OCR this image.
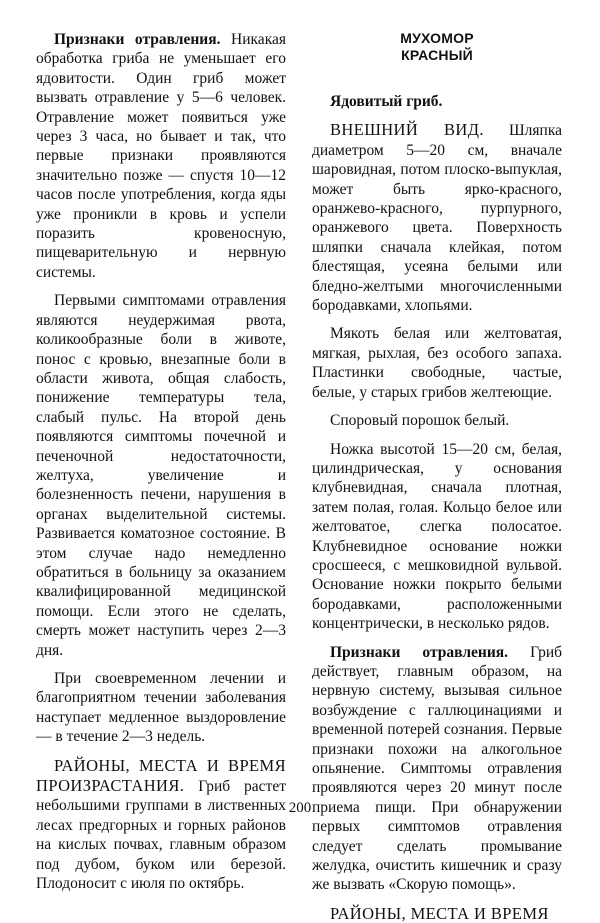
Признаки отравления. Никакая обработка гриба не уменьшает его ядовитости. Один гриб может вызвать отравление у 5—6 человек. Отравление может появиться уже через 3 часа, но бывает и так, что первые признаки проявляются значительно позже — спустя 10—12 часов после употребления, когда яды уже проникли в кровь и успели поразить кровеносную, пищеварительную и нервную системы.

Первыми симптомами отравления являются неудержимая рвота, коликообразные боли в животе, понос с кровью, внезапные боли в области живота, общая слабость, понижение температуры тела, слабый пульс. На второй день появляются симптомы почечной и печеночной недостаточности, желтуха, увеличение и болезненность печени, нарушения в органах выделительной системы. Развивается коматозное состояние. В этом случае надо немедленно обратиться в больницу за оказанием квалифицированной медицинской помощи. Если этого не сделать, смерть может наступить через 2—3 дня.

При своевременном лечении и благоприятном течении заболевания наступает медленное выздоровление — в течение 2—3 недель.

РАЙОНЫ, МЕСТА И ВРЕМЯ ПРОИЗРАСТАНИЯ. Гриб растет небольшими группами в лиственных лесах предгорных и горных районов на кислых почвах, главным образом под дубом, буком или березой. Плодоносит с июля по октябрь.

МУХОМОР
КРАСНЫЙ

Ядовитый гриб.

ВНЕШНИЙ ВИД. Шляпка диаметром 5—20 см, вначале шаровидная, потом плоско-выпуклая, может быть ярко-красного, оранжево-красного, пурпурного, оранжевого цвета. Поверхность шляпки сначала клейкая, потом блестящая, усеяна белыми или бледно-желтыми многочисленными бородавками, хлопьями.

Мякоть белая или желтоватая, мягкая, рыхлая, без особого запаха. Пластинки свободные, частые, белые, у старых грибов желтеющие.

Споровый порошок белый.

Ножка высотой 15—20 см, белая, цилиндрическая, у основания клубневидная, сначала плотная, затем полая, голая. Кольцо белое или желтоватое, слегка полосатое. Клубневидное основание ножки сросшееся, с мешковидной вульвой. Основание ножки покрыто белыми бородавками, расположенными концентрически, в несколько рядов.

Признаки отравления. Гриб действует, главным образом, на нервную систему, вызывая сильное возбуждение с галлюцинациями и временной потерей сознания. Первые признаки похожи на алкогольное опьянение. Симптомы отравления проявляются через 20 минут после приема пищи. При обнаружении первых симптомов отравления следует сделать промывание желудка, очистить кишечник и сразу же вызвать «Скорую помощь».

РАЙОНЫ, МЕСТА И ВРЕМЯ

200
